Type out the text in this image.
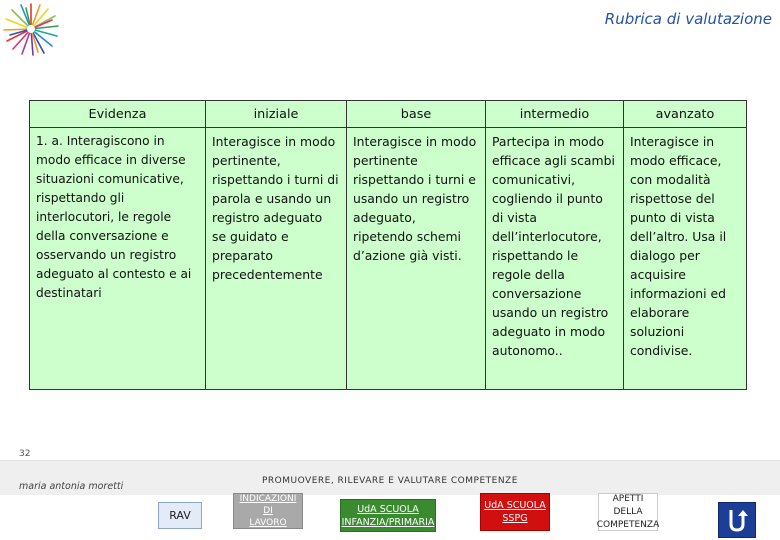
Rubrica di valutazione
Evidenza	iniziale	base	intermedio	avanzato
1. a. Interagiscono in modo efficace in diverse situazioni comunicative, rispettando gli interlocutori, le regole della conversazione e osservando un registro adeguato al contesto e ai destinatari	Interagisce in modo pertinente, rispettando i turni di parola e usando un registro adeguato se guidato e preparato precedentemente	Interagisce in modo pertinente rispettando i turni e usando un registro adeguato, ripetendo schemi d’azione già visti.	Partecipa in modo efficace agli scambi comunicativi, cogliendo il punto di vista dell’interlocutore, rispettando le regole della conversazione usando un registro adeguato in modo autonomo..	Interagisce in modo efficace, con modalità rispettose del punto di vista dell’altro. Usa il dialogo per acquisire informazioni ed elaborare soluzioni condivise.
32
PROMUOVERE, RILEVARE E VALUTARE COMPETENZE
maria antonia moretti
RAV
INDICAZIONI DI
LAVORO
UdA SCUOLA
INFANZIA/PRIMARIA
UdA SCUOLA
SSPG
APETTI DELLA
COMPETENZA
